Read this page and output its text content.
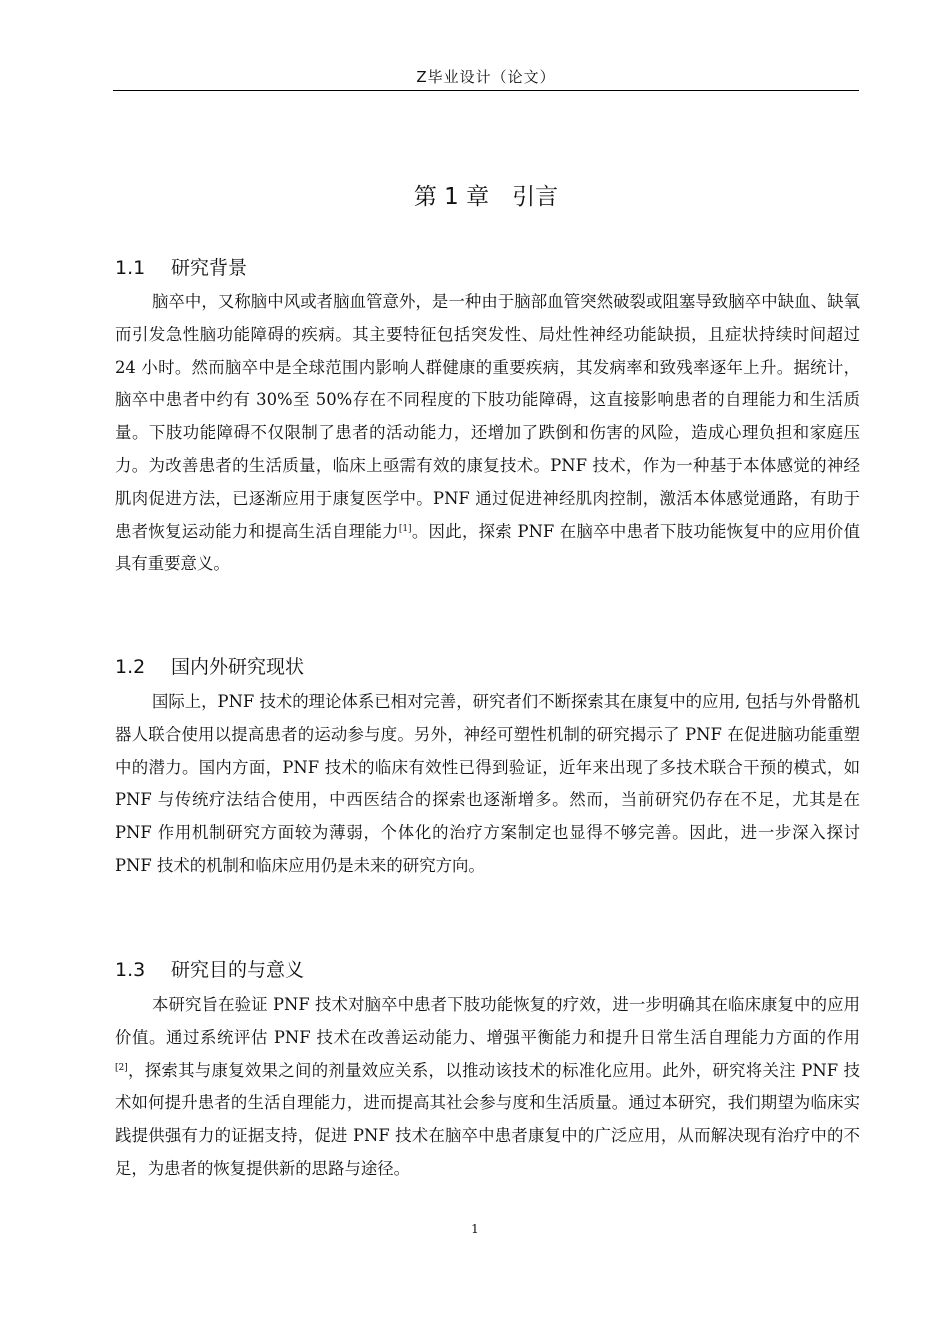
Z毕业设计（论文）
第 1 章　引言
1.1 研究背景

脑卒中，又称脑中风或者脑血管意外，是一种由于脑部血管突然破裂或阻塞导致脑卒中缺血、缺氧而引发急性脑功能障碍的疾病。其主要特征包括突发性、局灶性神经功能缺损，且症状持续时间超过 24 小时。然而脑卒中是全球范围内影响人群健康的重要疾病，其发病率和致残率逐年上升。据统计，脑卒中患者中约有 30%至 50%存在不同程度的下肢功能障碍，这直接影响患者的自理能力和生活质量。下肢功能障碍不仅限制了患者的活动能力，还增加了跌倒和伤害的风险，造成心理负担和家庭压力。为改善患者的生活质量，临床上亟需有效的康复技术。PNF 技术，作为一种基于本体感觉的神经肌肉促进方法，已逐渐应用于康复医学中。PNF 通过促进神经肌肉控制，激活本体感觉通路，有助于患者恢复运动能力和提高生活自理能力[1]。因此，探索 PNF 在脑卒中患者下肢功能恢复中的应用价值具有重要意义。

1.2 国内外研究现状

国际上，PNF 技术的理论体系已相对完善，研究者们不断探索其在康复中的应用, 包括与外骨骼机器人联合使用以提高患者的运动参与度。另外，神经可塑性机制的研究揭示了 PNF 在促进脑功能重塑中的潜力。国内方面，PNF 技术的临床有效性已得到验证，近年来出现了多技术联合干预的模式，如 PNF 与传统疗法结合使用，中西医结合的探索也逐渐增多。然而，当前研究仍存在不足，尤其是在 PNF 作用机制研究方面较为薄弱，个体化的治疗方案制定也显得不够完善。因此，进一步深入探讨 PNF 技术的机制和临床应用仍是未来的研究方向。

1.3 研究目的与意义

本研究旨在验证 PNF 技术对脑卒中患者下肢功能恢复的疗效，进一步明确其在临床康复中的应用价值。通过系统评估 PNF 技术在改善运动能力、增强平衡能力和提升日常生活自理能力方面的作用[2]，探索其与康复效果之间的剂量效应关系，以推动该技术的标准化应用。此外，研究将关注 PNF 技术如何提升患者的生活自理能力，进而提高其社会参与度和生活质量。通过本研究，我们期望为临床实践提供强有力的证据支持，促进 PNF 技术在脑卒中患者康复中的广泛应用，从而解决现有治疗中的不足，为患者的恢复提供新的思路与途径。

1
